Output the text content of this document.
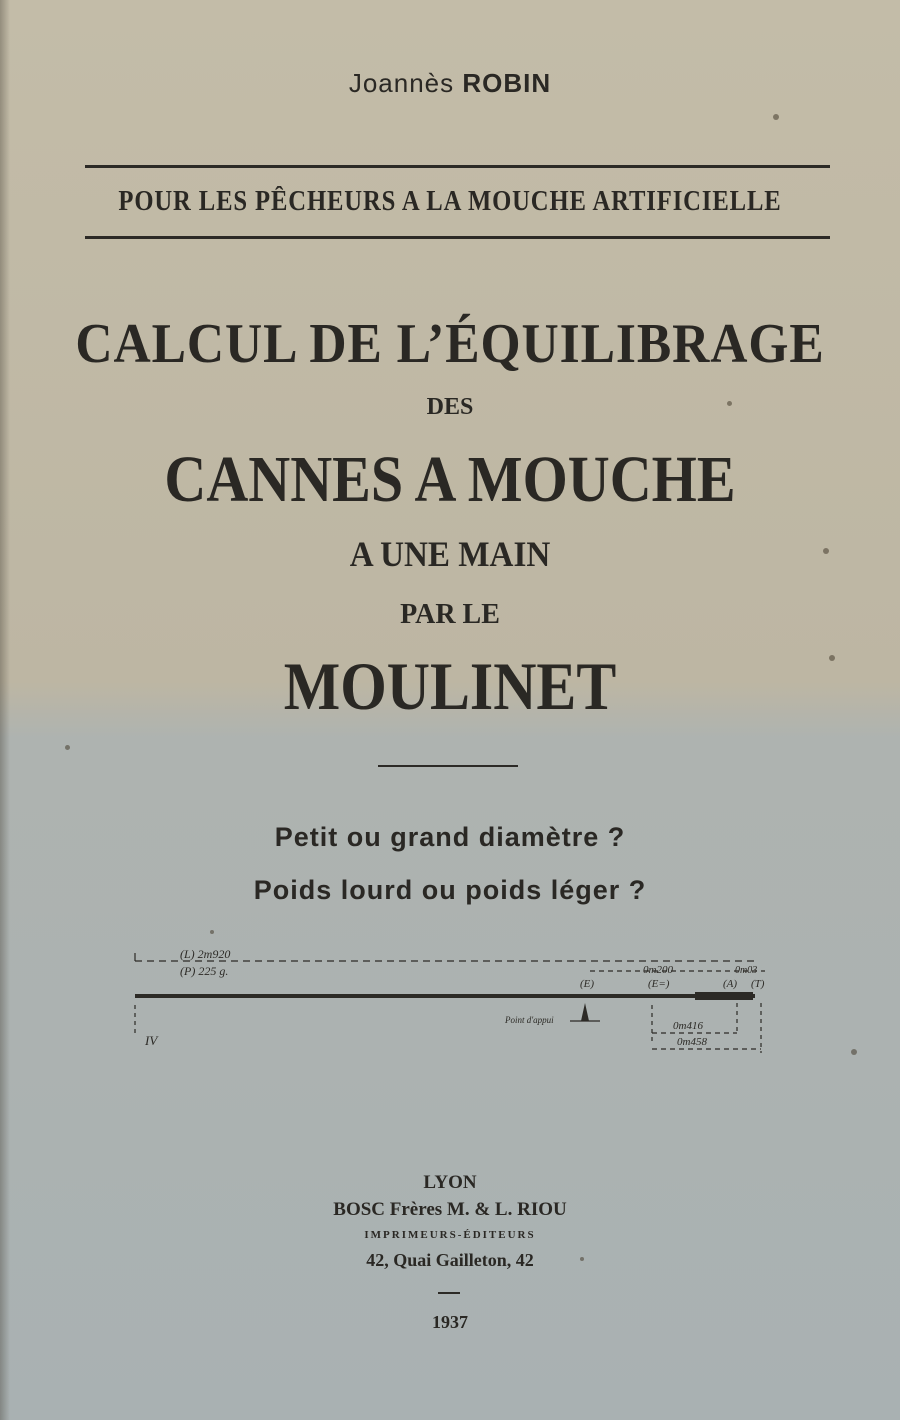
Joannès ROBIN
POUR LES PÊCHEURS A LA MOUCHE ARTIFICIELLE
CALCUL DE L’ÉQUILIBRAGE
DES
CANNES A MOUCHE
A UNE MAIN
PAR LE
MOULINET
Petit ou grand diamètre ?
Poids lourd ou poids léger ?
(L) 2m920
(P) 225 g.
(E)	(E=)	(A) (T)
0m200	0m03
0m416
0m458
Point d'appui
IV
LYON
BOSC Frères M. & L. RIOU
IMPRIMEURS-ÉDITEURS
42, Quai Gailleton, 42
1937
